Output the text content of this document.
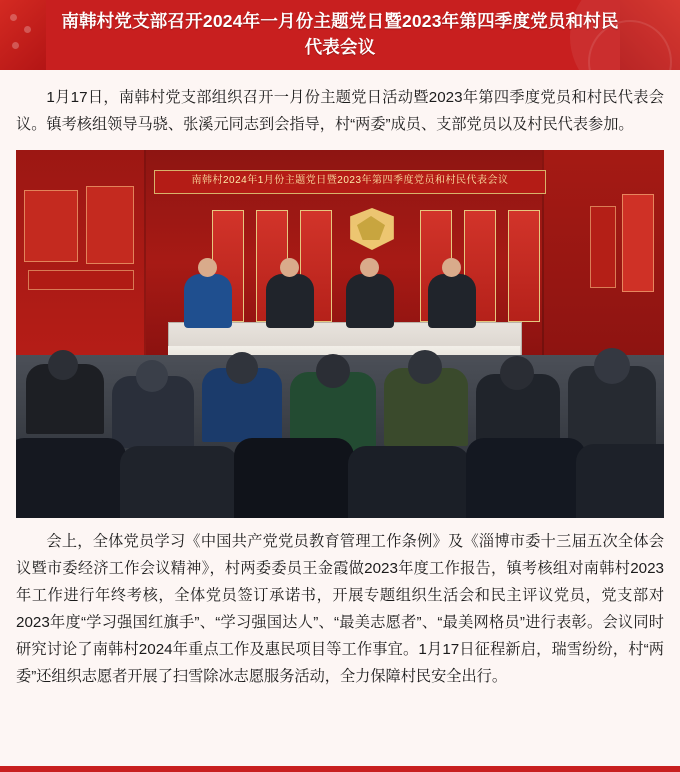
南韩村党支部召开2024年一月份主题党日暨2023年第四季度党员和村民代表会议

1月17日，南韩村党支部组织召开一月份主题党日活动暨2023年第四季度党员和村民代表会议。镇考核组领导马骁、张溪元同志到会指导，村“两委”成员、支部党员以及村民代表参加。

南韩村2024年1月份主题党日暨2023年第四季度党员和村民代表会议

会上，全体党员学习《中国共产党党员教育管理工作条例》及《淄博市委十三届五次全体会议暨市委经济工作会议精神》，村两委委员王金霞做2023年度工作报告，镇考核组对南韩村2023年工作进行年终考核，全体党员签订承诺书，开展专题组织生活会和民主评议党员，党支部对2023年度“学习强国红旗手”、“学习强国达人”、“最美志愿者”、“最美网格员”进行表彰。会议同时研究讨论了南韩村2024年重点工作及惠民项目等工作事宜。1月17日征程新启，瑞雪纷纷，村“两委”还组织志愿者开展了扫雪除冰志愿服务活动，全力保障村民安全出行。
